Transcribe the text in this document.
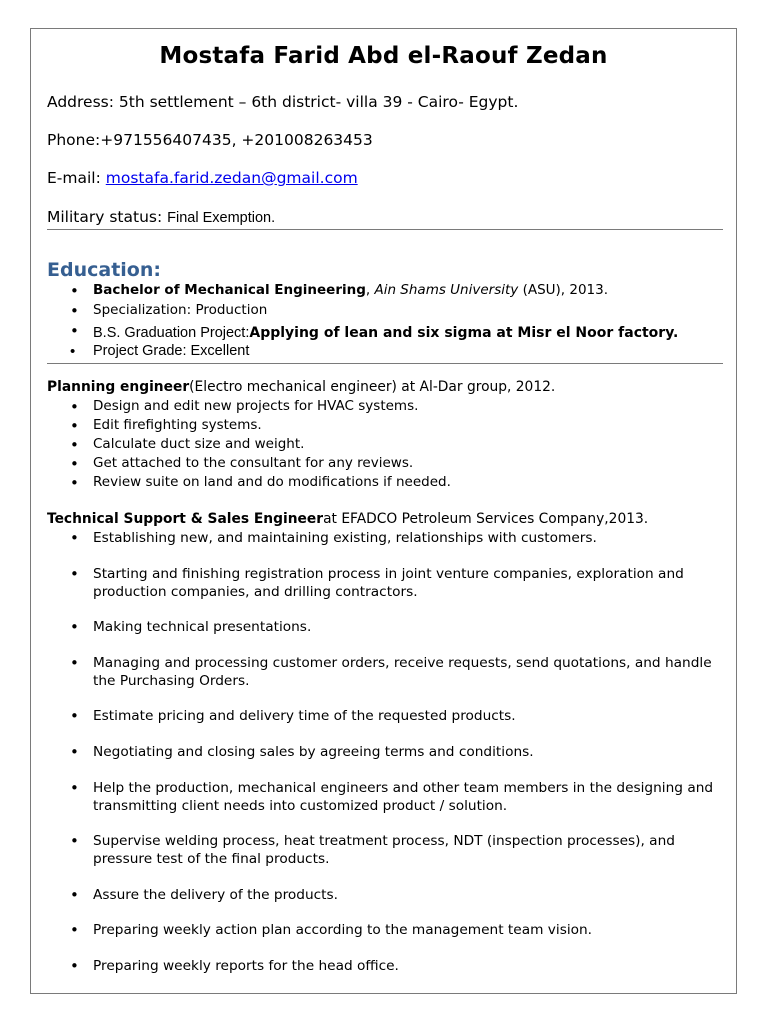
Mostafa Farid Abd el-Raouf Zedan
Address: 5th settlement – 6th district- villa 39 - Cairo- Egypt.
Phone:+971556407435, +201008263453
E-mail: mostafa.farid.zedan@gmail.com
Military status: Final Exemption.
Education:
• Bachelor of Mechanical Engineering, Ain Shams University (ASU), 2013.
• Specialization: Production
• B.S. Graduation Project:Applying of lean and six sigma at Misr el Noor factory.
• Project Grade: Excellent
Planning engineer(Electro mechanical engineer) at Al-Dar group, 2012.
• Design and edit new projects for HVAC systems.
• Edit firefighting systems.
• Calculate duct size and weight.
• Get attached to the consultant for any reviews.
• Review suite on land and do modifications if needed.
Technical Support & Sales Engineerat EFADCO Petroleum Services Company,2013.
• Establishing new, and maintaining existing, relationships with customers.
• Starting and finishing registration process in joint venture companies, exploration and production companies, and drilling contractors.
• Making technical presentations.
• Managing and processing customer orders, receive requests, send quotations, and handle the Purchasing Orders.
• Estimate pricing and delivery time of the requested products.
• Negotiating and closing sales by agreeing terms and conditions.
• Help the production, mechanical engineers and other team members in the designing and transmitting client needs into customized product / solution.
• Supervise welding process, heat treatment process, NDT (inspection processes), and pressure test of the final products.
• Assure the delivery of the products.
• Preparing weekly action plan according to the management team vision.
• Preparing weekly reports for the head office.
